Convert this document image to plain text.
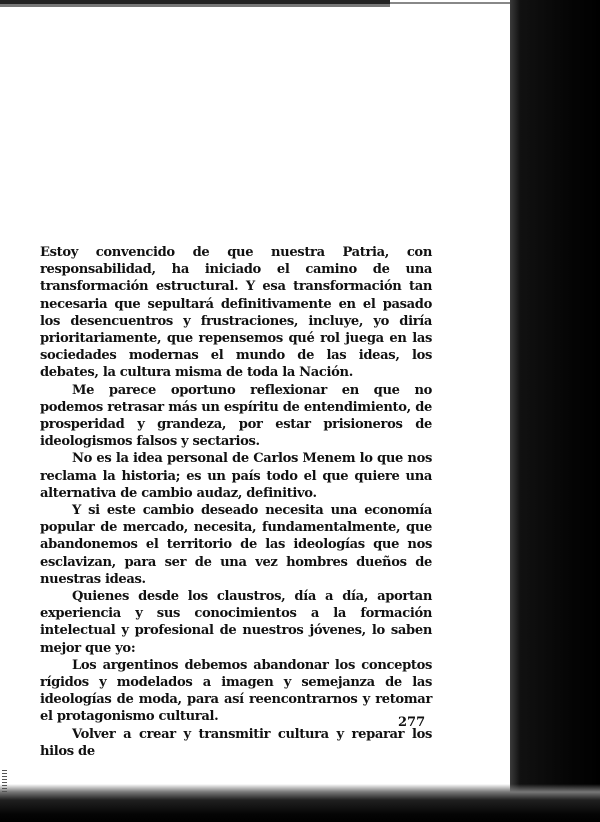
Estoy convencido de que nuestra Patria, con responsabilidad, ha iniciado el camino de una transformación estructural. Y esa transformación tan necesaria que sepultará definitivamente en el pasado los desencuentros y frustraciones, incluye, yo diría prioritariamente, que repensemos qué rol juega en las sociedades modernas el mundo de las ideas, los debates, la cultura misma de toda la Nación.

Me parece oportuno reflexionar en que no podemos retrasar más un espíritu de entendimiento, de prosperidad y grandeza, por estar prisioneros de ideologismos falsos y sectarios.

No es la idea personal de Carlos Menem lo que nos reclama la historia; es un país todo el que quiere una alternativa de cambio audaz, definitivo.

Y si este cambio deseado necesita una economía popular de mercado, necesita, fundamentalmente, que abandonemos el territorio de las ideologías que nos esclavizan, para ser de una vez hombres dueños de nuestras ideas.

Quienes desde los claustros, día a día, aportan experiencia y sus conocimientos a la formación intelectual y profesional de nuestros jóvenes, lo saben mejor que yo:

Los argentinos debemos abandonar los conceptos rígidos y modelados a imagen y semejanza de las ideologías de moda, para así reencontrarnos y retomar el protagonismo cultural.

Volver a crear y transmitir cultura y reparar los hilos de

277
